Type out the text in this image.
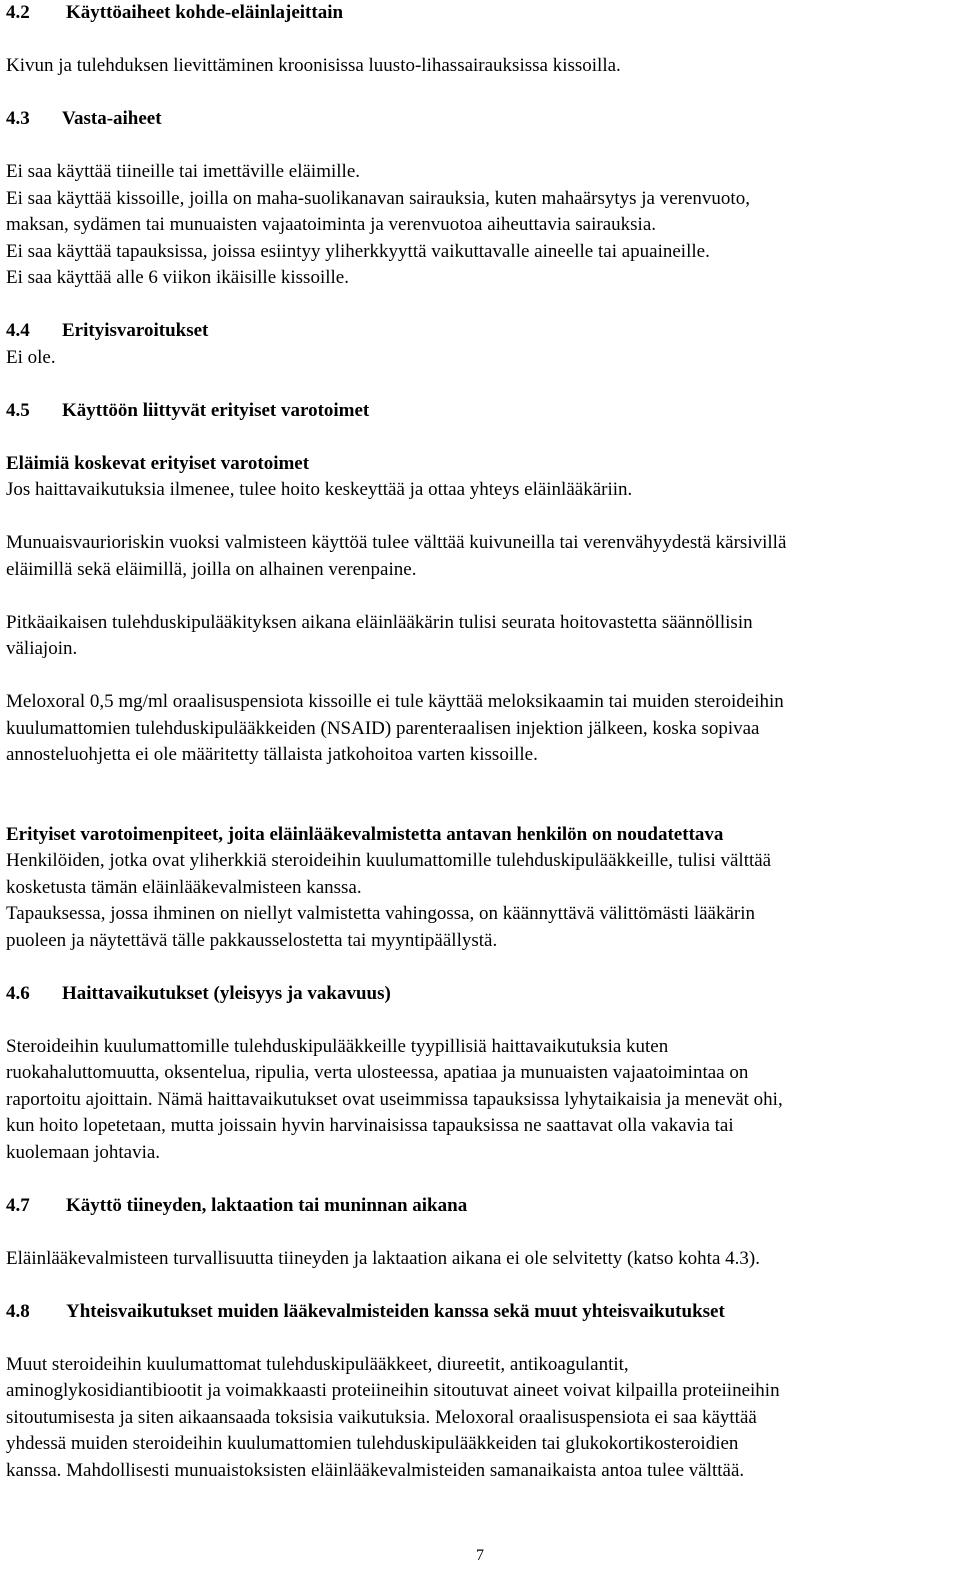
4.2	Käyttöaiheet kohde-eläinlajeittain

Kivun ja tulehduksen lievittäminen kroonisissa luusto-lihassairauksissa kissoilla.

4.3	Vasta-aiheet

Ei saa käyttää tiineille tai imettäville eläimille.

Ei saa käyttää kissoille, joilla on maha-suolikanavan sairauksia, kuten mahaärsytys ja verenvuoto,

maksan, sydämen tai munuaisten vajaatoiminta ja verenvuotoa aiheuttavia sairauksia.

Ei saa käyttää tapauksissa, joissa esiintyy yliherkkyyttä vaikuttavalle aineelle tai apuaineille.

Ei saa käyttää alle 6 viikon ikäisille kissoille.

4.4	Erityisvaroitukset

Ei ole.

4.5	Käyttöön liittyvät erityiset varotoimet

Eläimiä koskevat erityiset varotoimet

Jos haittavaikutuksia ilmenee, tulee hoito keskeyttää ja ottaa yhteys eläinlääkäriin.

Munuaisvaurioriskin vuoksi valmisteen käyttöä tulee välttää kuivuneilla tai verenvähyydestä kärsivillä

eläimillä sekä eläimillä, joilla on alhainen verenpaine.

Pitkäaikaisen tulehduskipulääkityksen aikana eläinlääkärin tulisi seurata hoitovastetta säännöllisin

väliajoin.

Meloxoral 0,5 mg/ml oraalisuspensiota kissoille ei tule käyttää meloksikaamin tai muiden steroideihin

kuulumattomien tulehduskipulääkkeiden (NSAID) parenteraalisen injektion jälkeen, koska sopivaa

annosteluohjetta ei ole määritetty tällaista jatkohoitoa varten kissoille.

Erityiset varotoimenpiteet, joita eläinlääkevalmistetta antavan henkilön on noudatettava

Henkilöiden, jotka ovat yliherkkiä steroideihin kuulumattomille tulehduskipulääkkeille, tulisi välttää

kosketusta tämän eläinlääkevalmisteen kanssa.

Tapauksessa, jossa ihminen on niellyt valmistetta vahingossa, on käännyttävä välittömästi lääkärin

puoleen ja näytettävä tälle pakkausselostetta tai myyntipäällystä.

4.6	Haittavaikutukset (yleisyys ja vakavuus)

Steroideihin kuulumattomille tulehduskipulääkkeille tyypillisiä haittavaikutuksia kuten

ruokahaluttomuutta, oksentelua, ripulia, verta ulosteessa, apatiaa ja munuaisten vajaatoimintaa on

raportoitu ajoittain. Nämä haittavaikutukset ovat useimmissa tapauksissa lyhytaikaisia ja menevät ohi,

kun hoito lopetetaan, mutta joissain hyvin harvinaisissa tapauksissa ne saattavat olla vakavia tai

kuolemaan johtavia.

4.7	Käyttö tiineyden, laktaation tai muninnan aikana

Eläinlääkevalmisteen turvallisuutta tiineyden ja laktaation aikana ei ole selvitetty (katso kohta 4.3).

4.8	Yhteisvaikutukset muiden lääkevalmisteiden kanssa sekä muut yhteisvaikutukset

Muut steroideihin kuulumattomat tulehduskipulääkkeet, diureetit, antikoagulantit,

aminoglykosidiantibiootit ja voimakkaasti proteiineihin sitoutuvat aineet voivat kilpailla proteiineihin

sitoutumisesta ja siten aikaansaada toksisia vaikutuksia. Meloxoral oraalisuspensiota ei saa käyttää

yhdessä muiden steroideihin kuulumattomien tulehduskipulääkkeiden tai glukokortikosteroidien

kanssa. Mahdollisesti munuaistoksisten eläinlääkevalmisteiden samanaikaista antoa tulee välttää.

7
